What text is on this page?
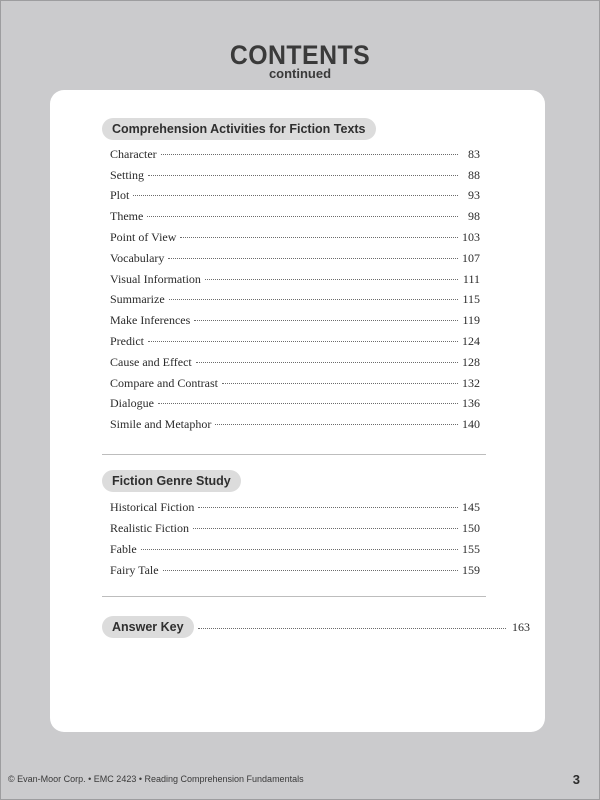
CONTENTS
continued
Comprehension Activities for Fiction Texts
Character	83
Setting	88
Plot	93
Theme	98
Point of View	103
Vocabulary	107
Visual Information	111
Summarize	115
Make Inferences	119
Predict	124
Cause and Effect	128
Compare and Contrast	132
Dialogue	136
Simile and Metaphor	140
Fiction Genre Study
Historical Fiction	145
Realistic Fiction	150
Fable	155
Fairy Tale	159
Answer Key	163
© Evan-Moor Corp. • EMC 2423 • Reading Comprehension Fundamentals	3
